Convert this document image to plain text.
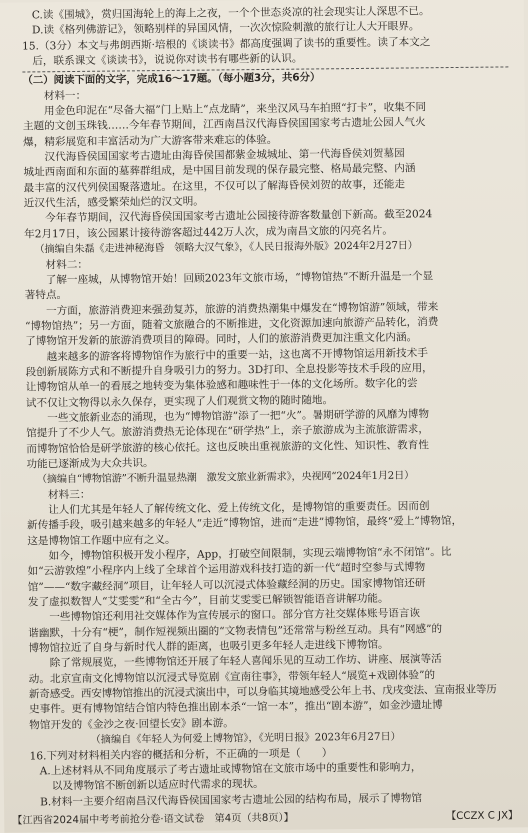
C.读《围城》，赏归国海轮上的海上之夜，一个个世态炎凉的社会现实让人深思不已。

D.读《格列佛游记》，领略别样的异国风情，一次次惊险刺激的旅行让人大开眼界。

15.（3分）本文与弗朗西斯·培根的《谈读书》都高度强调了读书的重要性。读了本文之

后，联系课文《谈读书》，说说你对读书有哪些新的认识。

（二）阅读下面的文字，完成16～17题。（每小题3分，共6分）

材料一：

用金色印泥在“尽备大福”门上贴上“点龙睛”，来坐汉风马车拍照“打卡”，收集不同

主题的文创玉珠钱……今年春节期间，江西南昌汉代海昏侯国国家考古遗址公园人气火

爆，精彩展览和丰富活动为广大游客带来难忘的体验。

汉代海昏侯国国家考古遗址由海昏侯国都紫金城城址、第一代海昏侯刘贺墓园

城址西南面和东面的墓葬群组成，是中国目前发现的保存最完整、格局最完整、内涵

最丰富的汉代列侯国聚落遗址。在这里，不仅可以了解海昏侯刘贺的故事，还能走

近汉代生活，感受繁荣灿烂的汉文明。

今年春节期间，汉代海昏侯国国家考古遗址公园接待游客数量创下新高。截至2024

年2月17日，该公园累计接待游客超过442万人次，成为南昌文旅的闪亮名片。

（摘编自朱磊《走进神秘海昏　领略大汉气象》，《人民日报海外版》2024年2月27日）

材料二：

了解一座城，从博物馆开始！回顾2023年文旅市场，“博物馆热”不断升温是一个显

著特点。

一方面，旅游消费迎来强劲复苏，旅游的消费热潮集中爆发在“博物馆游”领域，带来

“博物馆热”；另一方面，随着文旅融合的不断推进，文化资源加速向旅游产品转化，消费

了博物馆开发新的旅游消费项目的障碍。同时，人们的旅游消费更加注重文化内涵。

越来越多的游客将博物馆作为旅行中的重要一站，这也离不开博物馆运用新技术手

段创新展陈方式和不断提升自身吸引力的努力。3D打印、全息投影等技术手段的应用，

让博物馆从单一的看展之地转变为集体验感和趣味性于一体的文化场所。数字化的尝

试不仅让文物得以永久保存，更实现了人们观赏文物的随时随地。

一些文旅新业态的涌现，也为“博物馆游”添了一把“火”。暑期研学游的风靡为博物

馆提升了不少人气。旅游消费热无论体现在“研学热”上，亲子旅游成为主流旅游需求，

而博物馆恰恰是研学旅游的核心依托。这也反映出重视旅游的文化性、知识性、教育性

功能已逐渐成为大众共识。

（摘编自“博物馆游”不断升温显热潮　激发文旅业新需求》，央视网“2024年1月2日）

材料三：

让人们尤其是年轻人了解传统文化、爱上传统文化，是博物馆的重要责任。因而创

新传播手段，吸引越来越多的年轻人“走近”博物馆，进而“走进”博物馆，最终“爱上”博物馆，

这是博物馆工作题中应有之义。

如今，博物馆积极开发小程序，App，打破空间限制，实现云端博物馆“永不闭馆”。比

如“云游敦煌”小程序内上线了全球首个运用游戏科技打造的新一代“超时空参与式博物

馆”——“数字藏经洞”项目，让年轻人可以沉浸式体验藏经洞的历史。国家博物馆还研

发了虚拟数智人“艾雯雯”和“全古今”，目前艾雯雯已解锁智能语音讲解功能。

一些博物馆还利用社交媒体作为宣传展示的窗口。部分官方社交媒体账号语言诙

谐幽默，十分有“梗”，制作短视频出圈的“文物表情包”还常常与粉丝互动。具有“网感”的

博物馆拉近了自身与新时代人群的距离，也吸引更多年轻人走进线下博物馆。

除了常规展览，一些博物馆还开展了年轻人喜闻乐见的互动工作坊、讲座、展演等活

动。北京宣南文化博物馆以沉浸式导览剧《宣南往事》，带领年轻人“展览+戏剧体验”的

新奇感受。西安博物馆推出的沉浸式演出中，可以身临其境地感受公年上书、戊戌变法、宣南报业等历

史事件。更有博物馆结合馆内特色推出剧本杀“一馆一本”，推出“剧本游”，如金沙遗址博

物馆开发的《金沙之夜·回望长安》剧本游。

（摘编自《年轻人为何爱上博物馆》，《光明日报》2023年6月27日）

16.下列对材料相关内容的概括和分析，不正确的一项是（　　）

A.上述材料从不同角度展示了考古遗址或博物馆在文旅市场中的重要性和影响力，

以及博物馆不断创新以适应时代需求的现状。

B.材料一主要介绍南昌汉代海昏侯国国家考古遗址公园的结构布局，展示了博物馆

【江西省2024届中考考前抢分卷·语文试卷　第4页（共8页）】	【CCZX C JX】
